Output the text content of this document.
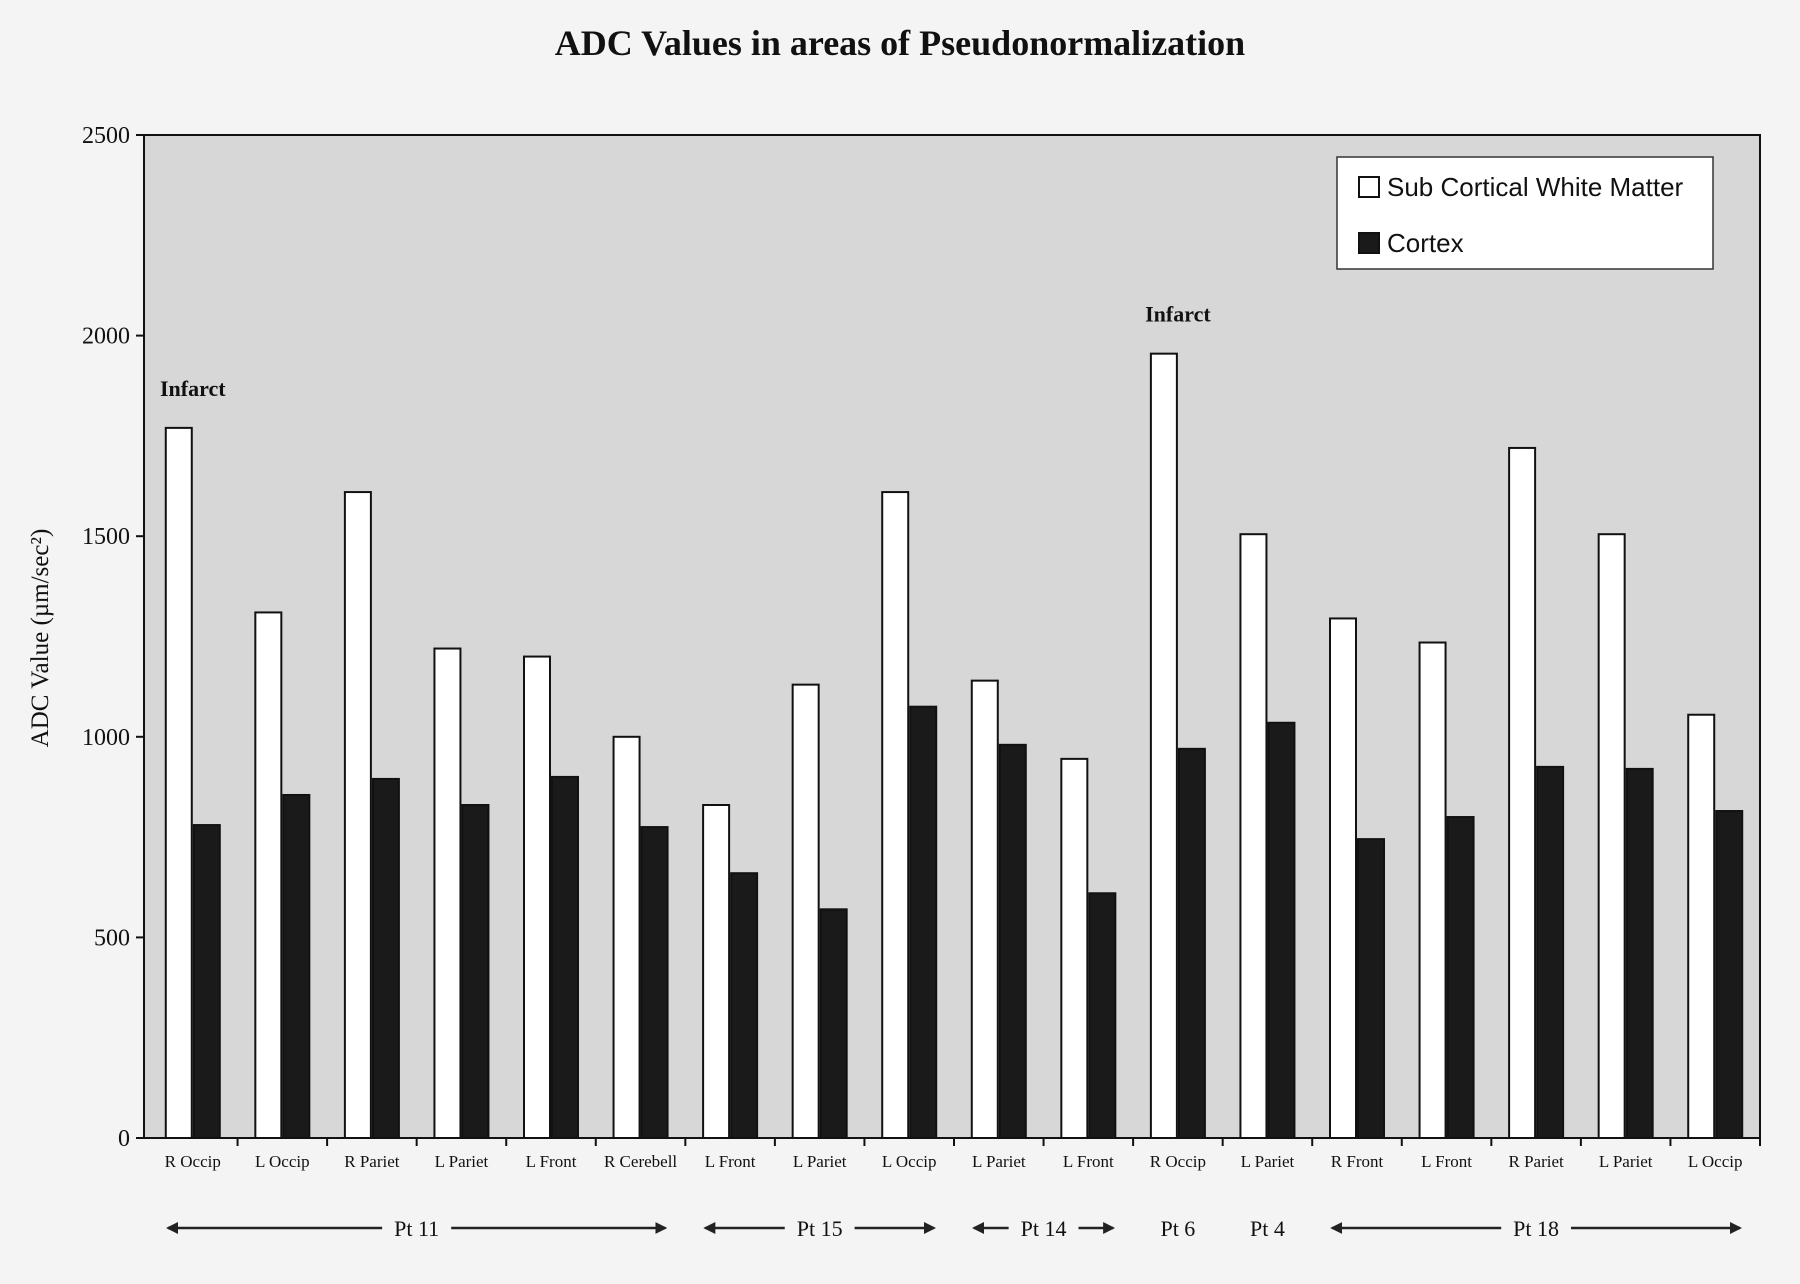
ADC Values in areas of Pseudonormalization
0
500
1000
1500
2000
2500
ADC Value (µm/sec²)
R Occip L Occip R Pariet L Pariet L Front R Cerebell L Front L Pariet L Occip L Pariet L Front R Occip L Pariet R Front L Front R Pariet L Pariet L Occip
Infarct
Infarct
Pt 11	Pt 15	Pt 14	Pt 6 Pt 4	Pt 18
Sub Cortical White Matter
Cortex
